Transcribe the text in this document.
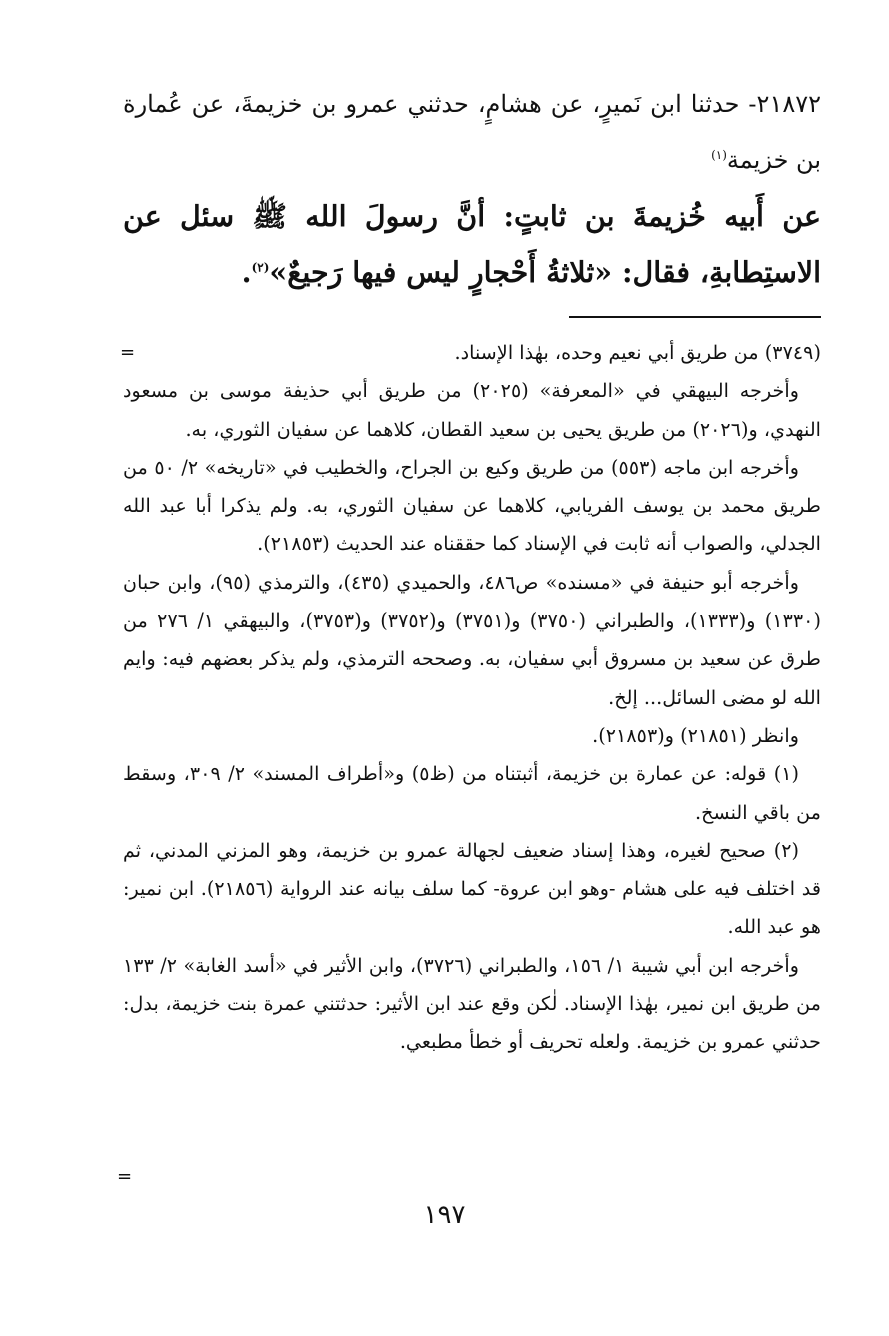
٢١٨٧٢- حدثنا ابن نَميرٍ، عن هشامٍ، حدثني عمرو بن خزيمةَ، عن عُمارة بن خزيمة$^{(١)}$
عن أَبيه خُزيمةَ بن ثابتٍ: أنَّ رسولَ الله ﷺ سئل عن الاستِطابةِ، فقال: «ثلاثةُ أَحْجارٍ ليس فيها رَجيعٌ»$^{(٢)}$.
=	(٣٧٤٩) من طريق أبي نعيم وحده، بهٰذا الإسناد.

وأخرجه البيهقي في «المعرفة» (٢٠٢٥) من طريق أبي حذيفة موسى بن مسعود النهدي، و(٢٠٢٦) من طريق يحيى بن سعيد القطان، كلاهما عن سفيان الثوري، به.

وأخرجه ابن ماجه (٥٥٣) من طريق وكيع بن الجراح، والخطيب في «تاريخه» ٢/ ٥٠ من طريق محمد بن يوسف الفريابي، كلاهما عن سفيان الثوري، به. ولم يذكرا أبا عبد الله الجدلي، والصواب أنه ثابت في الإسناد كما حققناه عند الحديث (٢١٨٥٣).

وأخرجه أبو حنيفة في «مسنده» ص٤٨٦، والحميدي (٤٣٥)، والترمذي (٩٥)، وابن حبان (١٣٣٠) و(١٣٣٣)، والطبراني (٣٧٥٠) و(٣٧٥١) و(٣٧٥٢) و(٣٧٥٣)، والبيهقي ١/ ٢٧٦ من طرق عن سعيد بن مسروق أبي سفيان، به. وصححه الترمذي، ولم يذكر بعضهم فيه: وايم الله لو مضى السائل... إلخ.

وانظر (٢١٨٥١) و(٢١٨٥٣).

(١) قوله: عن عمارة بن خزيمة، أثبتناه من (ظ٥) و«أطراف المسند» ٢/ ٣٠٩، وسقط من باقي النسخ.

(٢) صحيح لغيره، وهذا إسناد ضعيف لجهالة عمرو بن خزيمة، وهو المزني المدني، ثم قد اختلف فيه على هشام -وهو ابن عروة- كما سلف بيانه عند الرواية (٢١٨٥٦). ابن نمير: هو عبد الله.

وأخرجه ابن أبي شيبة ١/ ١٥٦، والطبراني (٣٧٢٦)، وابن الأثير في «أسد الغابة» ٢/ ١٣٣ من طريق ابن نمير، بهٰذا الإسناد. لٰكن وقع عند ابن الأثير: حدثتني عمرة بنت خزيمة، بدل: حدثني عمرو بن خزيمة. ولعله تحريف أو خطأ مطبعي.

=
١٩٧
